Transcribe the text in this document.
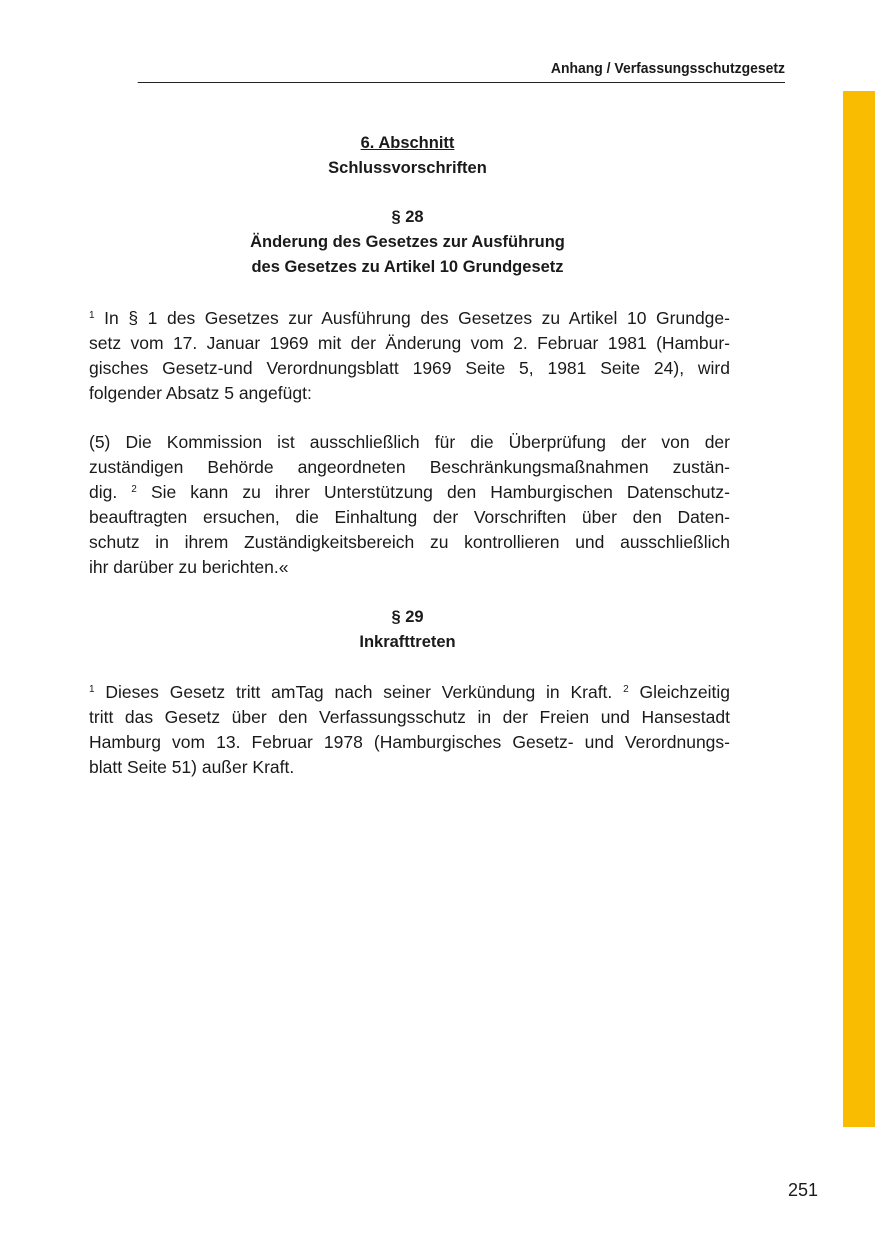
Anhang / Verfassungsschutzgesetz
6. Abschnitt
Schlussvorschriften
§ 28
Änderung des Gesetzes zur Ausführung
des Gesetzes zu Artikel 10 Grundgesetz
$^1$ In § 1 des Gesetzes zur Ausführung des Gesetzes zu Artikel 10 Grundge-
setz vom 17. Januar 1969 mit der Änderung vom 2. Februar 1981 (Hambur-
gisches Gesetz-und Verordnungsblatt 1969 Seite 5, 1981 Seite 24), wird
folgender Absatz 5 angefügt:
(5) Die Kommission ist ausschließlich für die Überprüfung der von der
zuständigen Behörde angeordneten Beschränkungsmaßnahmen zustän-
dig. $^2$ Sie kann zu ihrer Unterstützung den Hamburgischen Datenschutz-
beauftragten ersuchen, die Einhaltung der Vorschriften über den Daten-
schutz in ihrem Zuständigkeitsbereich zu kontrollieren und ausschließlich
ihr darüber zu berichten.«
§ 29
Inkrafttreten
$^1$ Dieses Gesetz tritt amTag nach seiner Verkündung in Kraft. $^2$ Gleichzeitig
tritt das Gesetz über den Verfassungsschutz in der Freien und Hansestadt
Hamburg vom 13. Februar 1978 (Hamburgisches Gesetz- und Verordnungs-
blatt Seite 51) außer Kraft.
251
